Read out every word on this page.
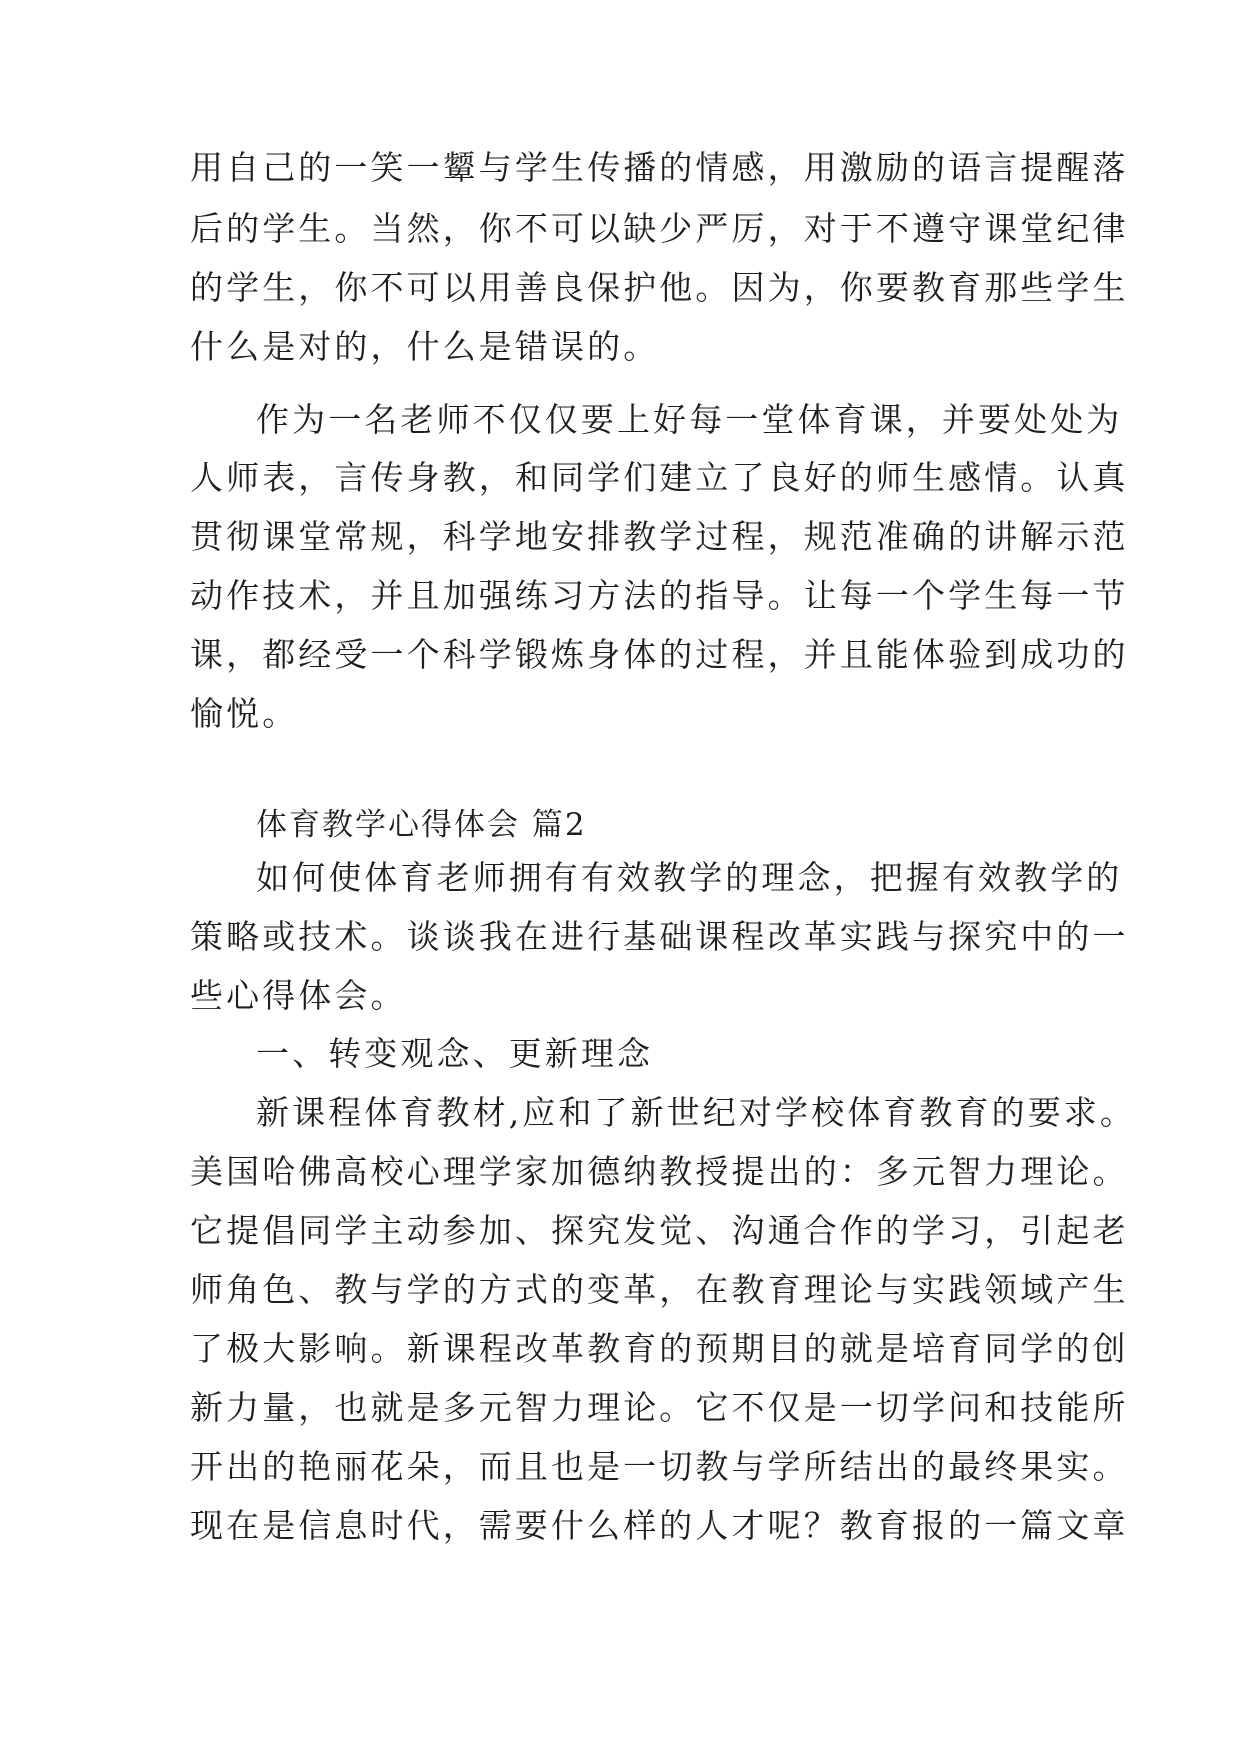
用自己的一笑一颦与学生传播的情感，用激励的语言提醒落
后的学生。当然，你不可以缺少严厉，对于不遵守课堂纪律
的学生，你不可以用善良保护他。因为，你要教育那些学生
什么是对的，什么是错误的。
作为一名老师不仅仅要上好每一堂体育课，并要处处为
人师表，言传身教，和同学们建立了良好的师生感情。认真
贯彻课堂常规，科学地安排教学过程，规范准确的讲解示范
动作技术，并且加强练习方法的指导。让每一个学生每一节
课，都经受一个科学锻炼身体的过程，并且能体验到成功的
愉悦。
体育教学心得体会 篇2
如何使体育老师拥有有效教学的理念，把握有效教学的
策略或技术。谈谈我在进行基础课程改革实践与探究中的一
些心得体会。
一、转变观念、更新理念
新课程体育教材,应和了新世纪对学校体育教育的要求。
美国哈佛高校心理学家加德纳教授提出的：多元智力理论。
它提倡同学主动参加、探究发觉、沟通合作的学习，引起老
师角色、教与学的方式的变革，在教育理论与实践领域产生
了极大影响。新课程改革教育的预期目的就是培育同学的创
新力量，也就是多元智力理论。它不仅是一切学问和技能所
开出的艳丽花朵，而且也是一切教与学所结出的最终果实。
现在是信息时代，需要什么样的人才呢？教育报的一篇文章
